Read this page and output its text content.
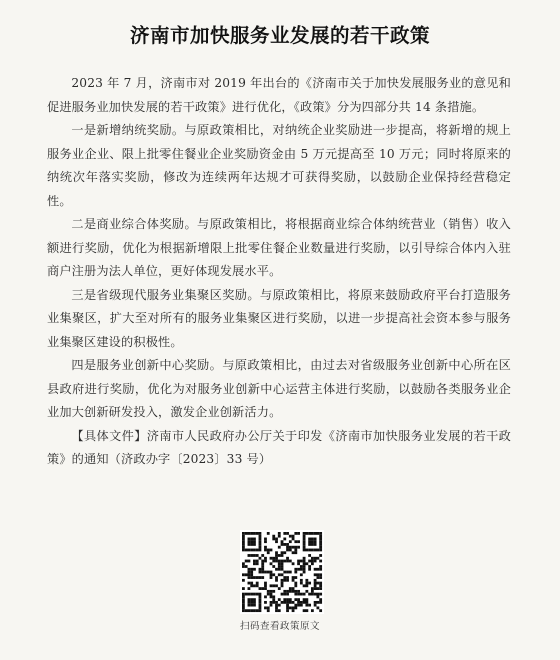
济南市加快服务业发展的若干政策

2023 年 7 月，济南市对 2019 年出台的《济南市关于加快发展服务业的意见和促进服务业加快发展的若干政策》进行优化，《政策》分为四部分共 14 条措施。

一是新增纳统奖励。与原政策相比，对纳统企业奖励进一步提高，将新增的规上服务业企业、限上批零住餐业企业奖励资金由 5 万元提高至 10 万元；同时将原来的纳统次年落实奖励，修改为连续两年达规才可获得奖励，以鼓励企业保持经营稳定性。

二是商业综合体奖励。与原政策相比，将根据商业综合体纳统营业（销售）收入额进行奖励，优化为根据新增限上批零住餐企业数量进行奖励，以引导综合体内入驻商户注册为法人单位，更好体现发展水平。

三是省级现代服务业集聚区奖励。与原政策相比，将原来鼓励政府平台打造服务业集聚区，扩大至对所有的服务业集聚区进行奖励，以进一步提高社会资本参与服务业集聚区建设的积极性。

四是服务业创新中心奖励。与原政策相比，由过去对省级服务业创新中心所在区县政府进行奖励，优化为对服务业创新中心运营主体进行奖励，以鼓励各类服务业企业加大创新研发投入，激发企业创新活力。

【具体文件】济南市人民政府办公厅关于印发《济南市加快服务业发展的若干政策》的通知（济政办字〔2023〕33 号）

扫码查看政策原文
